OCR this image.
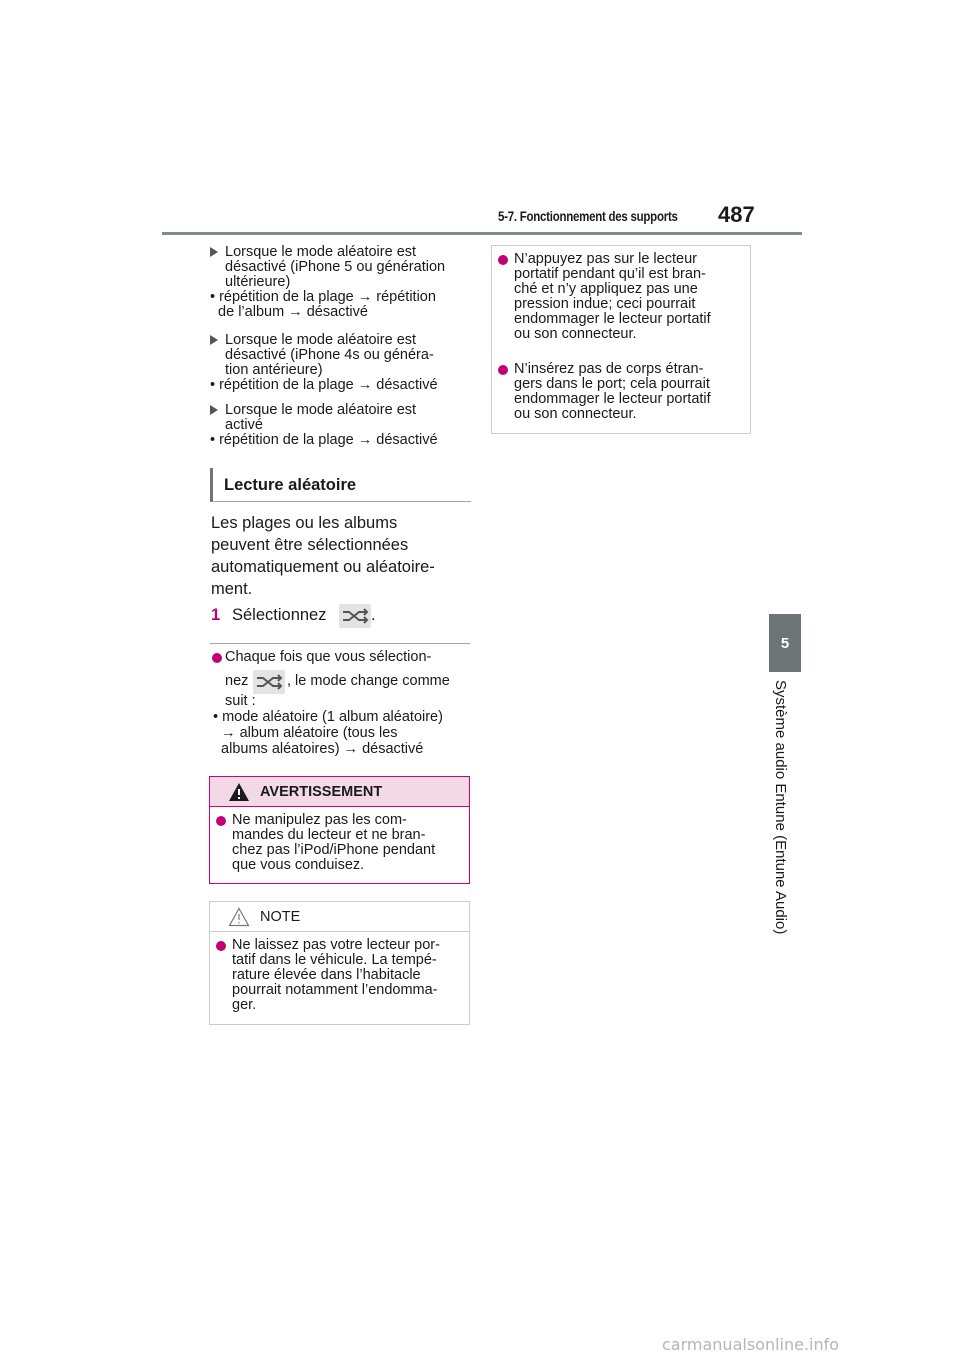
5-7. Fonctionnement des supports 487
5
Système audio Entune (Entune Audio)
Lorsque le mode aléatoire est
désactivé (iPhone 5 ou génération
ultérieure)
• répétition de la plage → répétition
de l’album → désactivé
Lorsque le mode aléatoire est
désactivé (iPhone 4s ou généra-
tion antérieure)
• répétition de la plage → désactivé
Lorsque le mode aléatoire est
activé
• répétition de la plage → désactivé
Lecture aléatoire
Les plages ou les albums
peuvent être sélectionnées
automatiquement ou aléatoire-
ment.
1 Sélectionnez	.
Chaque fois que vous sélection-
nez	, le mode change comme
suit :
• mode aléatoire (1 album aléatoire)
→ album aléatoire (tous les
albums aléatoires) → désactivé
AVERTISSEMENT
Ne manipulez pas les com-
mandes du lecteur et ne bran-
chez pas l’iPod/iPhone pendant
que vous conduisez.
NOTE
Ne laissez pas votre lecteur por-
tatif dans le véhicule. La tempé-
rature élevée dans l’habitacle
pourrait notamment l’endomma-
ger.
N’appuyez pas sur le lecteur
portatif pendant qu’il est bran-
ché et n’y appliquez pas une
pression indue; ceci pourrait
endommager le lecteur portatif
ou son connecteur.
N’insérez pas de corps étran-
gers dans le port; cela pourrait
endommager le lecteur portatif
ou son connecteur.
carmanualsonline.info
